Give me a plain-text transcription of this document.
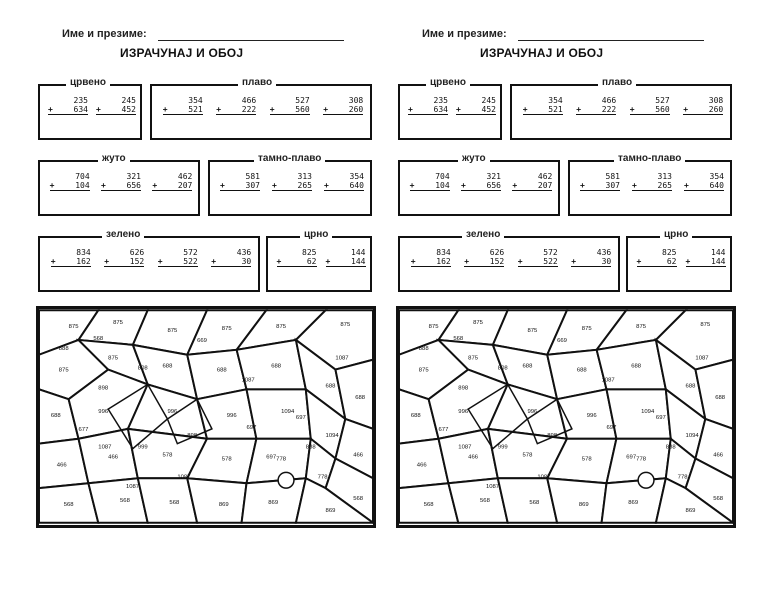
Име и презиме:
ИЗРАЧУНАЈ И ОБОЈ
црвено
235
+	634
245
+	452
плаво
354
+	521
466
+	222
527
+	560
308
+	260
жуто
704
+	104
321
+	656
462
+	207
тамно-плаво
581
+	307
313
+	265
354
+	640
зелено
834
+	162
626
+	152
572
+	522
436
+	30
црно
825
+	62
144
+	144
875
875
875	875	875	875
875
875
688
688
688
688
688
688
996	996
996
1094
1094
466
466
466	578
578	778
778
568
568
568	568	869	869
869
808
898
898
697
697
697
1087
1087
1087
1087
1087
669
677
999	888
888
568
Име и презиме:
ИЗРАЧУНАЈ И ОБОЈ
црвено
235
+	634
245
+	452
плаво
354
+	521
466
+	222
527
+	560
308
+	260
жуто
704
+	104
321
+	656
462
+	207
тамно-плаво
581
+	307
313
+	265
354
+	640
зелено
834
+	162
626
+	152
572
+	522
436
+	30
црно
825
+	62
144
+	144
875
875
875	875	875	875
875
875
688
688
688
688
688
688
996	996
996
1094
1094
466
466
466	578
578	778
778
568
568
568	568	869	869
869
808
898
898
697
697
697
1087
1087
1087
1087
1087
669
677
999	888
888
568
